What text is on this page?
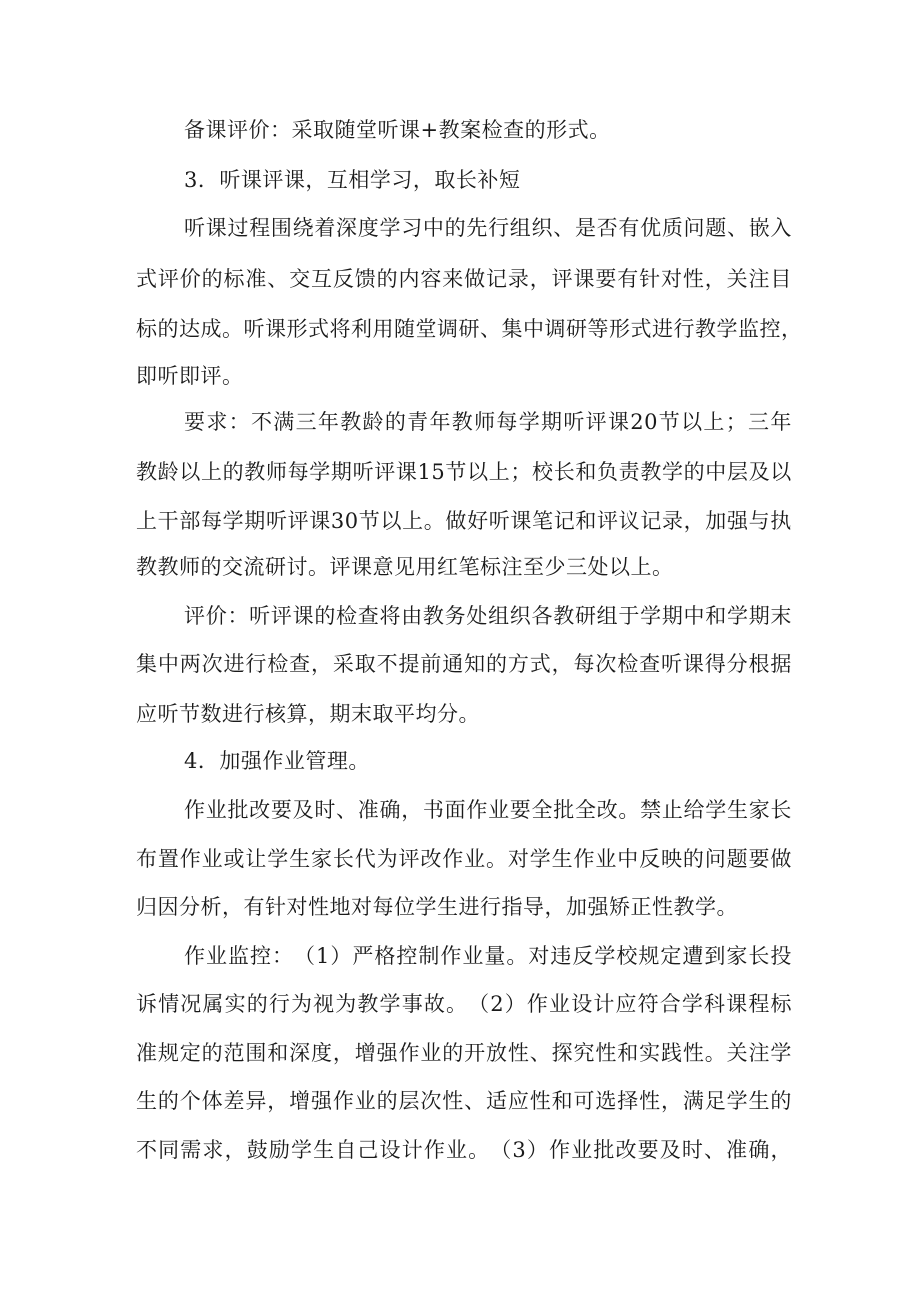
备课评价：采取随堂听课+教案检查的形式。
3．听课评课，互相学习，取长补短
听 课 过 程 围 绕 着 深 度 学 习 中 的 先 行 组 织 、 是 否 有 优 质 问 题 、 嵌 入
式 评 价 的 标 准 、 交 互 反 馈 的 内 容 来 做 记 录 ， 评 课 要 有 针 对 性 ， 关 注 目
标 的 达 成 。 听 课 形 式 将 利 用 随 堂 调 研 、 集 中 调 研 等 形 式 进 行 教 学 监 控 ，
即听即评。
要 求 ： 不 满 三 年 教 龄 的 青 年 教 师 每 学 期 听 评 课 20 节 以 上 ； 三 年
教 龄 以 上 的 教 师 每 学 期 听 评 课 15 节 以 上 ； 校 长 和 负 责 教 学 的 中 层 及 以
上 干 部 每 学 期 听 评 课 30 节 以 上 。 做 好 听 课 笔 记 和 评 议 记 录 ， 加 强 与 执
教教师的交流研讨。评课意见用红笔标注至少三处以上。
评 价 ： 听 评 课 的 检 查 将 由 教 务 处 组 织 各 教 研 组 于 学 期 中 和 学 期 末
集 中 两 次 进 行 检 查 ， 采 取 不 提 前 通 知 的 方 式 ， 每 次 检 查 听 课 得 分 根 据
应听节数进行核算，期末取平均分。
4．加强作业管理。
作 业 批 改 要 及 时 、 准 确 ， 书 面 作 业 要 全 批 全 改 。 禁 止 给 学 生 家 长
布 置 作 业 或 让 学 生 家 长 代 为 评 改 作 业 。 对 学 生 作 业 中 反 映 的 问 题 要 做
归因分析，有针对性地对每位学生进行指导，加强矫正性教学。
作 业 监 控 ： （ 1 ） 严 格 控 制 作 业 量 。 对 违 反 学 校 规 定 遭 到 家 长 投
诉 情 况 属 实 的 行 为 视 为 教 学 事 故 。 （ 2 ） 作 业 设 计 应 符 合 学 科 课 程 标
准 规 定 的 范 围 和 深 度 ， 增 强 作 业 的 开 放 性 、 探 究 性 和 实 践 性 。 关 注 学
生 的 个 体 差 异 ， 增 强 作 业 的 层 次 性 、 适 应 性 和 可 选 择 性 ， 满 足 学 生 的
不 同 需 求 ， 鼓 励 学 生 自 己 设 计 作 业 。 （ 3 ） 作 业 批 改 要 及 时 、 准 确 ，
